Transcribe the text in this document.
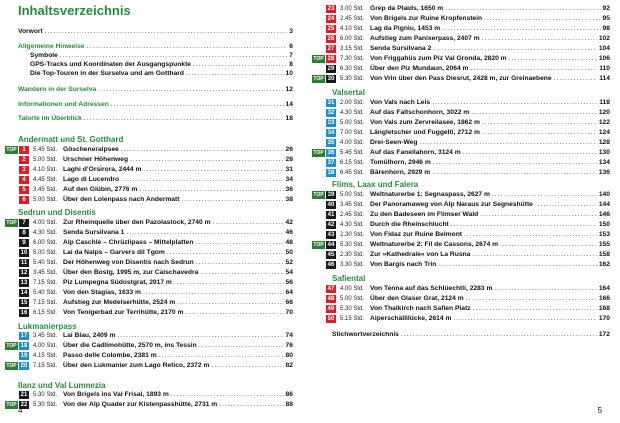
Inhaltsverzeichnis
Vorwort .....	3
Allgemeine Hinweise .....	6
Symbole .....	7
GPS-Tracks und Koordinaten der Ausgangspunkte .....	8
Die Top-Touren in der Surselva und am Gotthard .....	10
Wandern in der Surselva .....	12
Informationen und Adressen .....	14
Talorte im Überblick .....	18
Andermatt und St. Gotthard
TOP 1	5.45 Std. Göscheneralpsee .....	26
2	5.00 Std. Urschner Höhenweg .....	28
3	4.10 Std. Laghi d’Orsirora, 2444 m .....	31
4	4.45 Std. Lago di Lucendro .....	34
5	3.45 Std. Auf den Giübin, 2776 m .....	36
6	5.00 Std. Über den Lolenpass nach Andermatt .....	38
Sedrun und Disentis
TOP 7	4.00 Std. Zur Rheinquelle über den Pazolastock, 2740 m .....	42
8	4.30 Std. Senda Sursilvana 1 .....	46
9	6.00 Std. Alp Caschlè – Chrüzlipass – Mittelplatten .....	48
10 5.00 Std. Lai da Nalps – Garvers dil Tgom .....	50
11 5.40 Std. Der Höhenweg von Disentis nach Sedrun .....	52
12 3.45 Std. Über den Bostg, 1995 m, zur Caischavedra .....	54
13 7.15 Std. Piz Lumpegna Südostgrat, 2917 m .....	56
14 5.40 Std. Von den Stagias, 1633 m .....	64
15 7.15 Std. Aufstieg zur Medelserhütte, 2524 m .....	66
16 6.15 Std. Von Tenigerbad zur Terrihütte, 2170 m .....	70
Lukmanierpass
17 3.45 Std. Lai Blau, 2409 m .....	74
TOP 18 4.00 Std. Über die Cadlimohütte, 2570 m, ins Tessin .....	76
19 4.15 Std. Passo delle Colombe, 2381 m .....	80
TOP 20 7.15 Std. Über den Lukmanier zum Lago Retico, 2372 m .....	82
Ilanz und Val Lumnezia
21 5.30 Std. Von Brigels ins Val Frisal, 1893 m .....	86
TOP 22 5.30 Std. Von der Alp Quader zur Kistenpasshütte, 2731 m .....	88
4
23 3.00 Std. Grep da Plaids, 1650 m .....	92
24 2.45 Std. Von Brigels zur Ruine Kropfenstein .....	95
25 4.10 Std. Lag da Pigniu, 1453 m .....	98
26 6.00 Std. Aufstieg zum Panixerpass, 2407 m .....	102
27 3.15 Std. Senda Sursilvana 2 .....	104
TOP 28 7.30 Std. Von Friggahüs zum Piz Val Gronda, 2820 m .....	106
29 6.30 Std. Über den Piz Mundaun, 2064 m .....	110
TOP 30 5.30 Std. Von Vrin über den Pass Diesrut, 2428 m, zur Greinaebene .....	114
Valsertal
31 2.00 Std. Von Vals nach Leis .....	118
32 4.30 Std. Auf das Faltschonhorn, 3022 m .....	120
33 5.00 Std. Von Vals zum Zervreilasee, 1862 m .....	122
34 7.00 Std. Längletscher und Fuggelti, 2712 m .....	124
35 4.00 Std. Drei-Seen-Weg .....	128
TOP 36 5.45 Std. Auf das Fanellahorn, 3124 m .....	130
37 6.15 Std. Tomülhorn, 2946 m .....	134
38 6.45 Std. Bärenhorn, 2929 m .....	136
Flims, Laax und Falera
TOP 39 5.00 Std. Weltnaturerbe 1: Segnaspass, 2627 m .....	140
40 3.45 Std. Der Panoramaweg von Alp Naraus zur Segneshütte .....	144
41 2.45 Std. Zu den Badeseen im Flimser Wald .....	146
42 4.30 Std. Durch die Rheinschlucht .....	150
43 2.30 Std. Von Fidaz zur Ruine Belmont .....	153
TOP 44 5.30 Std. Weltnaturerbe 2: Fil de Cassons, 2674 m .....	155
45 2.30 Std. Zur »Kathedrale« von La Rusna .....	158
46 3.30 Std. Von Bargis nach Trin .....	162
Safiental
47 4.00 Std. Von Tenna auf das Schlüechtli, 2283 m .....	164
48 5.00 Std. Über den Glaser Grat, 2124 m .....	166
49 5.30 Std. Von Thalkirch nach Safien Platz .....	168
50 5.15 Std. Alperschällilücke, 2614 m .....	170
Stichwortverzeichnis .....	172
5
